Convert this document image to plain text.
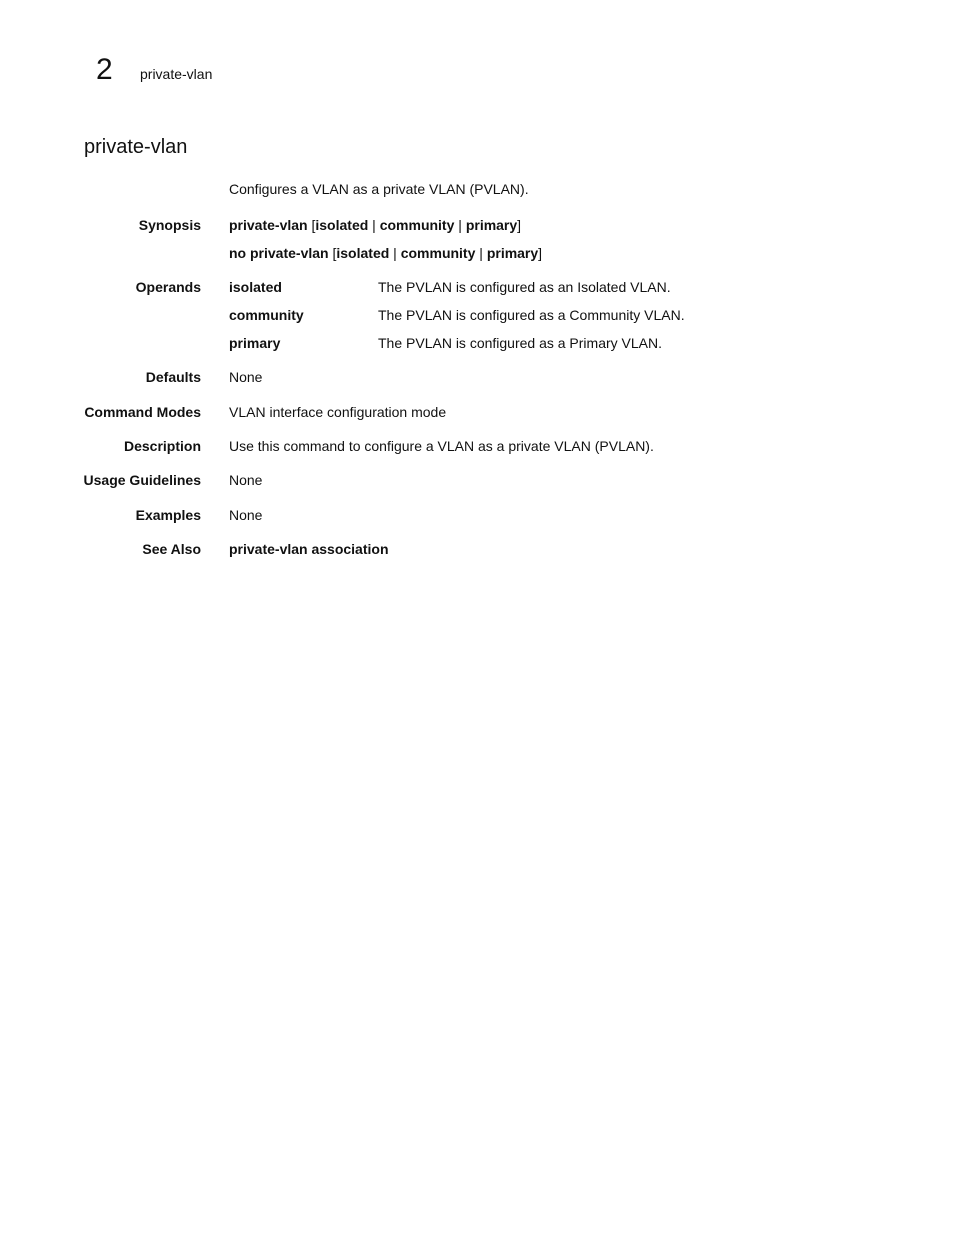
2 private-vlan
private-vlan
Configures a VLAN as a private VLAN (PVLAN).
Synopsis private-vlan [isolated | community | primary]
no private-vlan [isolated | community | primary]
Operands isolated	The PVLAN is configured as an Isolated VLAN.
community	The PVLAN is configured as a Community VLAN.
primary	The PVLAN is configured as a Primary VLAN.
Defaults None
Command Modes VLAN interface configuration mode
Description Use this command to configure a VLAN as a private VLAN (PVLAN).
Usage Guidelines None
Examples None
See Also private-vlan association
